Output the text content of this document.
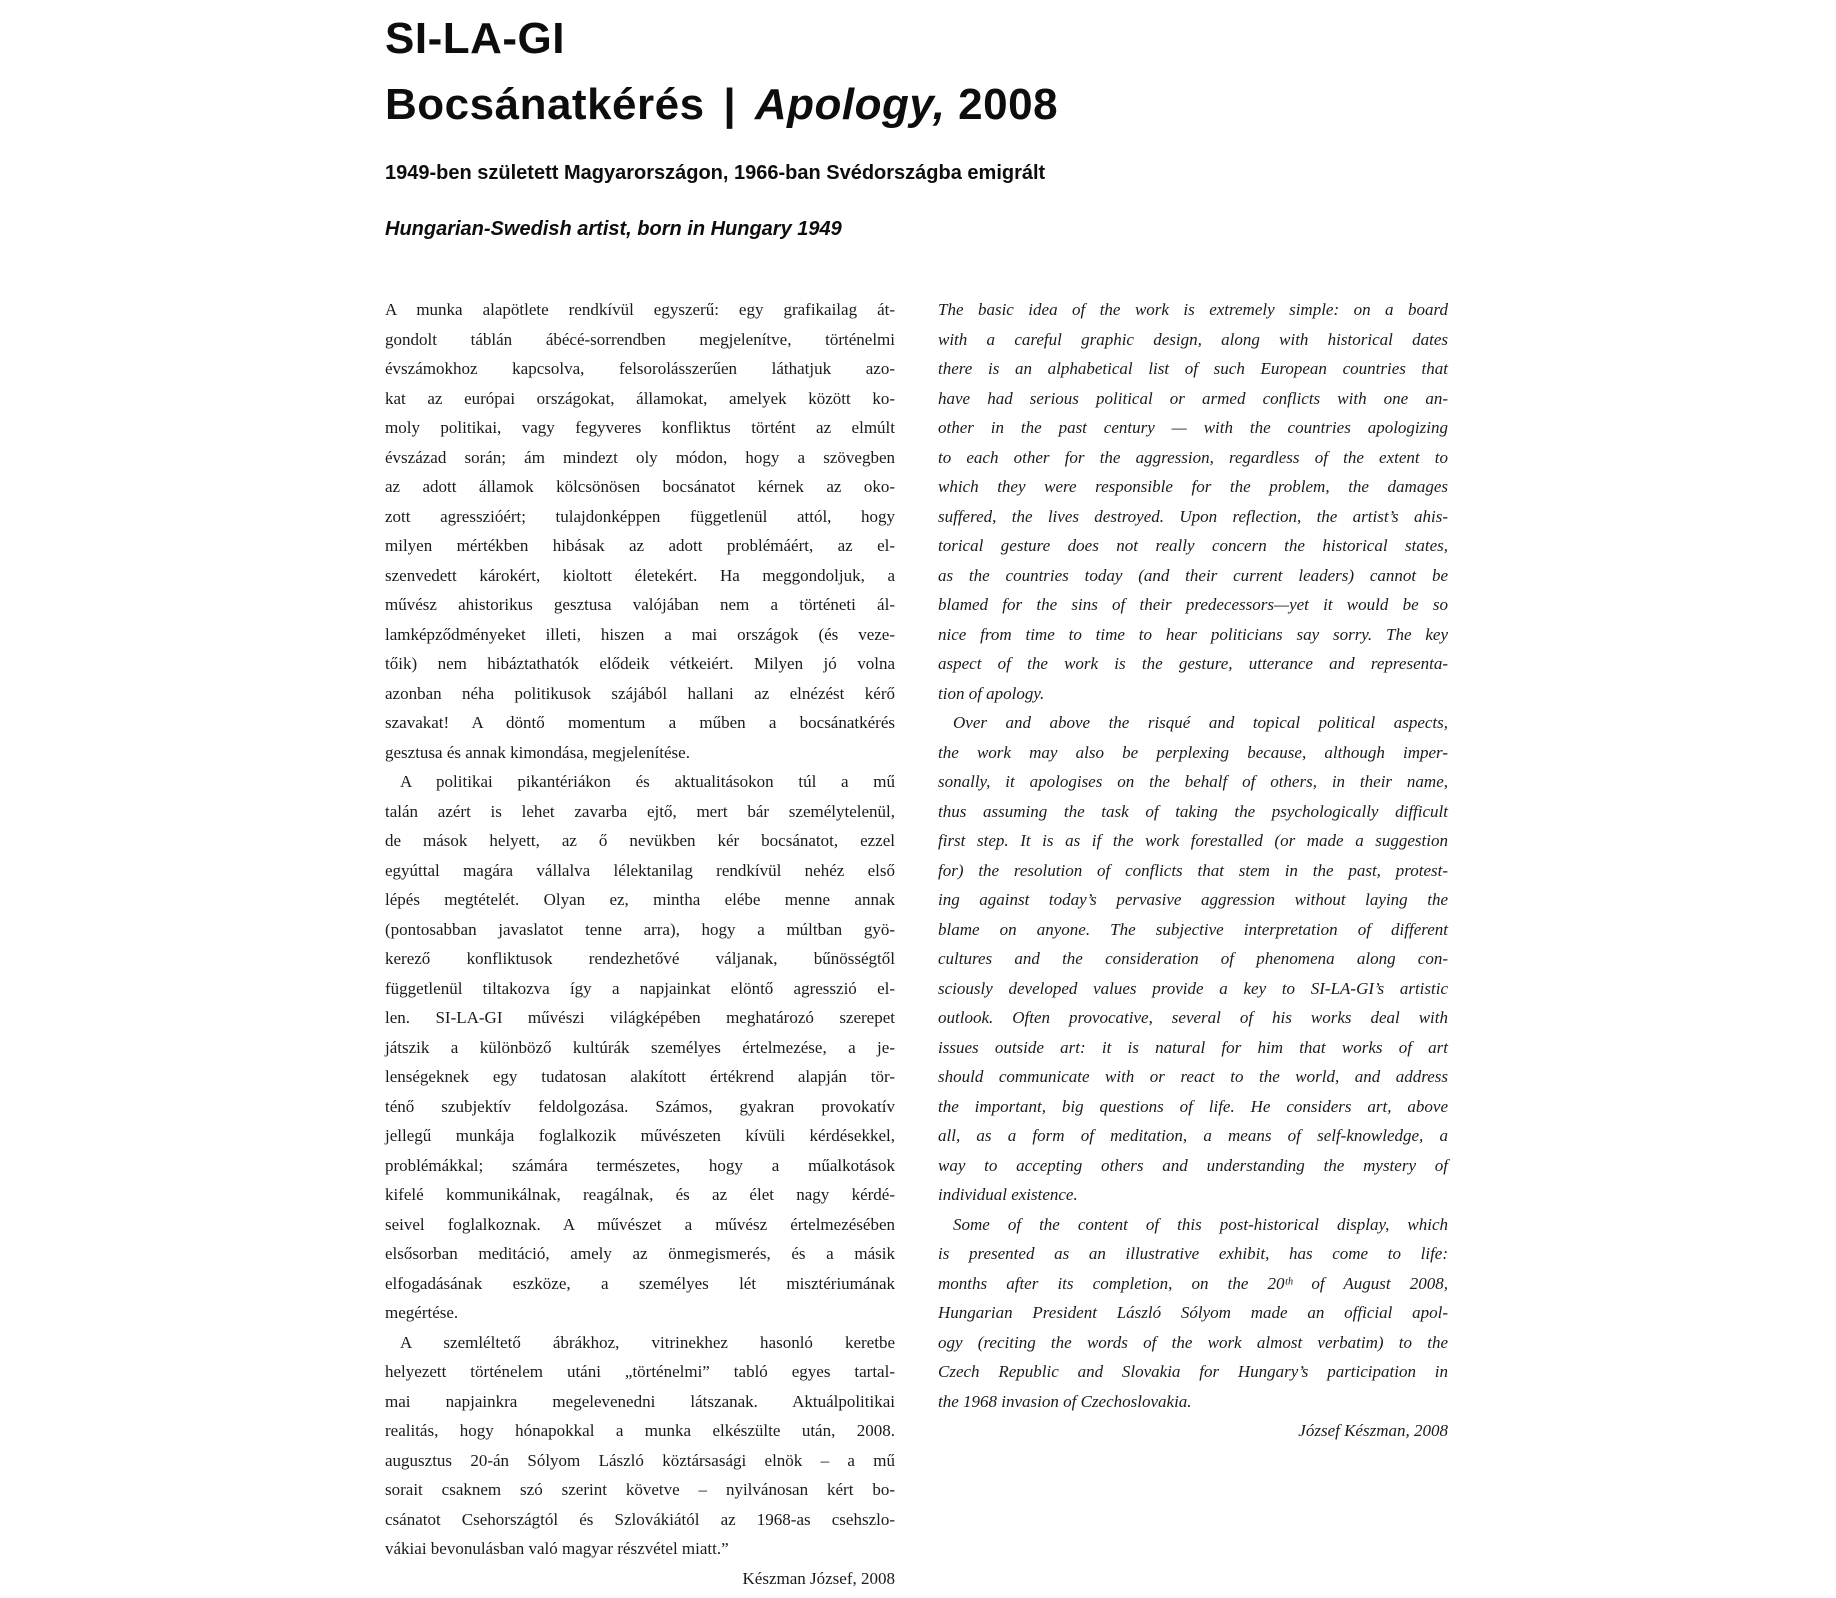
SI-LA-GI
Bocsánatkérés | Apology, 2008

1949-ben született Magyarországon, 1966-ban Svédországba emigrált

Hungarian-Swedish artist, born in Hungary 1949

A munka alapötlete rendkívül egyszerű: egy grafikailag át-
gondolt táblán ábécé-sorrendben megjelenítve, történelmi
évszámokhoz kapcsolva, felsorolásszerűen láthatjuk azo-
kat az európai országokat, államokat, amelyek között ko-
moly politikai, vagy fegyveres konfliktus történt az elmúlt
évszázad során; ám mindezt oly módon, hogy a szövegben
az adott államok kölcsönösen bocsánatot kérnek az oko-
zott agresszióért; tulajdonképpen függetlenül attól, hogy
milyen mértékben hibásak az adott problémáért, az el-
szenvedett károkért, kioltott életekért. Ha meggondoljuk, a
művész ahistorikus gesztusa valójában nem a történeti ál-
lamképződményeket illeti, hiszen a mai országok (és veze-
tőik) nem hibáztathatók elődeik vétkeiért. Milyen jó volna
azonban néha politikusok szájából hallani az elnézést kérő
szavakat! A döntő momentum a műben a bocsánatkérés
gesztusa és annak kimondása, megjelenítése.
A politikai pikantériákon és aktualitásokon túl a mű
talán azért is lehet zavarba ejtő, mert bár személytelenül,
de mások helyett, az ő nevükben kér bocsánatot, ezzel
egyúttal magára vállalva lélektanilag rendkívül nehéz első
lépés megtételét. Olyan ez, mintha elébe menne annak
(pontosabban javaslatot tenne arra), hogy a múltban gyö-
kerező konfliktusok rendezhetővé váljanak, bűnösségtől
függetlenül tiltakozva így a napjainkat elöntő agresszió el-
len. SI-LA-GI művészi világképében meghatározó szerepet
játszik a különböző kultúrák személyes értelmezése, a je-
lenségeknek egy tudatosan alakított értékrend alapján tör-
ténő szubjektív feldolgozása. Számos, gyakran provokatív
jellegű munkája foglalkozik művészeten kívüli kérdésekkel,
problémákkal; számára természetes, hogy a műalkotások
kifelé kommunikálnak, reagálnak, és az élet nagy kérdé-
seivel foglalkoznak. A művészet a művész értelmezésében
elsősorban meditáció, amely az önmegismerés, és a másik
elfogadásának eszköze, a személyes lét misztériumának
megértése.
A szemléltető ábrákhoz, vitrinekhez hasonló keretbe
helyezett történelem utáni „történelmi” tabló egyes tartal-
mai napjainkra megelevenedni látszanak. Aktuálpolitikai
realitás, hogy hónapokkal a munka elkészülte után, 2008.
augusztus 20-án Sólyom László köztársasági elnök – a mű
sorait csaknem szó szerint követve – nyilvánosan kért bo-
csánatot Csehországtól és Szlovákiától az 1968-as csehszlo-
vákiai bevonulásban való magyar részvétel miatt.”
Készman József, 2008
The basic idea of the work is extremely simple: on a board
with a careful graphic design, along with historical dates
there is an alphabetical list of such European countries that
have had serious political or armed conflicts with one an-
other in the past century — with the countries apologizing
to each other for the aggression, regardless of the extent to
which they were responsible for the problem, the damages
suffered, the lives destroyed. Upon reflection, the artist’s ahis-
torical gesture does not really concern the historical states,
as the countries today (and their current leaders) cannot be
blamed for the sins of their predecessors—yet it would be so
nice from time to time to hear politicians say sorry. The key
aspect of the work is the gesture, utterance and representa-
tion of apology.
Over and above the risqué and topical political aspects,
the work may also be perplexing because, although imper-
sonally, it apologises on the behalf of others, in their name,
thus assuming the task of taking the psychologically difficult
first step. It is as if the work forestalled (or made a suggestion
for) the resolution of conflicts that stem in the past, protest-
ing against today’s pervasive aggression without laying the
blame on anyone. The subjective interpretation of different
cultures and the consideration of phenomena along con-
sciously developed values provide a key to SI-LA-GI’s artistic
outlook. Often provocative, several of his works deal with
issues outside art: it is natural for him that works of art
should communicate with or react to the world, and address
the important, big questions of life. He considers art, above
all, as a form of meditation, a means of self-knowledge, a
way to accepting others and understanding the mystery of
individual existence.
Some of the content of this post-historical display, which
is presented as an illustrative exhibit, has come to life:
months after its completion, on the 20ᵗʰ of August 2008,
Hungarian President László Sólyom made an official apol-
ogy (reciting the words of the work almost verbatim) to the
Czech Republic and Slovakia for Hungary’s participation in
the 1968 invasion of Czechoslovakia.
József Készman, 2008
